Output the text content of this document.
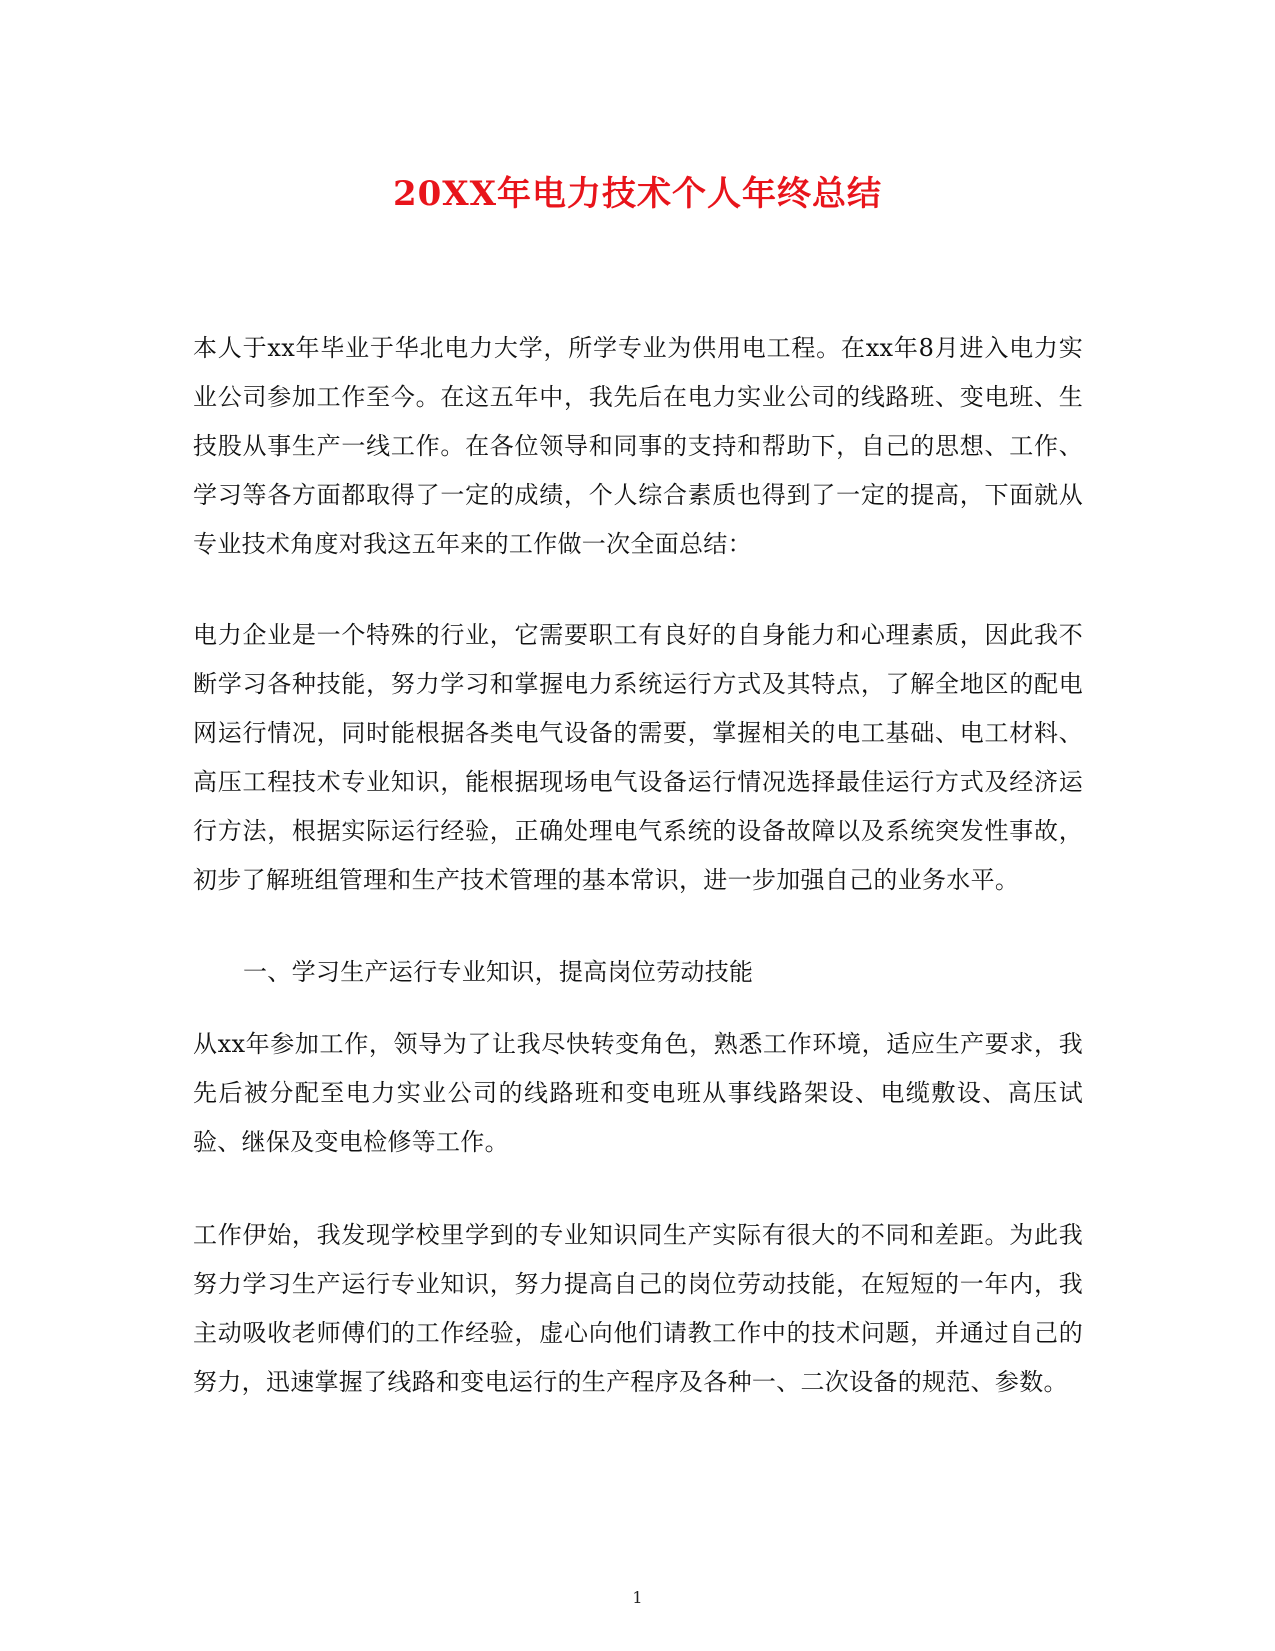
20XX年电力技术个人年终总结

本人于xx年毕业于华北电力大学，所学专业为供用电工程。在xx年8月进入电力实业公司参加工作至今。在这五年中，我先后在电力实业公司的线路班、变电班、生技股从事生产一线工作。在各位领导和同事的支持和帮助下，自己的思想、工作、学习等各方面都取得了一定的成绩，个人综合素质也得到了一定的提高，下面就从专业技术角度对我这五年来的工作做一次全面总结：

电力企业是一个特殊的行业，它需要职工有良好的自身能力和心理素质，因此我不断学习各种技能，努力学习和掌握电力系统运行方式及其特点，了解全地区的配电网运行情况，同时能根据各类电气设备的需要，掌握相关的电工基础、电工材料、高压工程技术专业知识，能根据现场电气设备运行情况选择最佳运行方式及经济运行方法，根据实际运行经验，正确处理电气系统的设备故障以及系统突发性事故，初步了解班组管理和生产技术管理的基本常识，进一步加强自己的业务水平。

一、学习生产运行专业知识，提高岗位劳动技能

从xx年参加工作，领导为了让我尽快转变角色，熟悉工作环境，适应生产要求，我先后被分配至电力实业公司的线路班和变电班从事线路架设、电缆敷设、高压试验、继保及变电检修等工作。

工作伊始，我发现学校里学到的专业知识同生产实际有很大的不同和差距。为此我努力学习生产运行专业知识，努力提高自己的岗位劳动技能，在短短的一年内，我主动吸收老师傅们的工作经验，虚心向他们请教工作中的技术问题，并通过自己的努力，迅速掌握了线路和变电运行的生产程序及各种一、二次设备的规范、参数。

1
